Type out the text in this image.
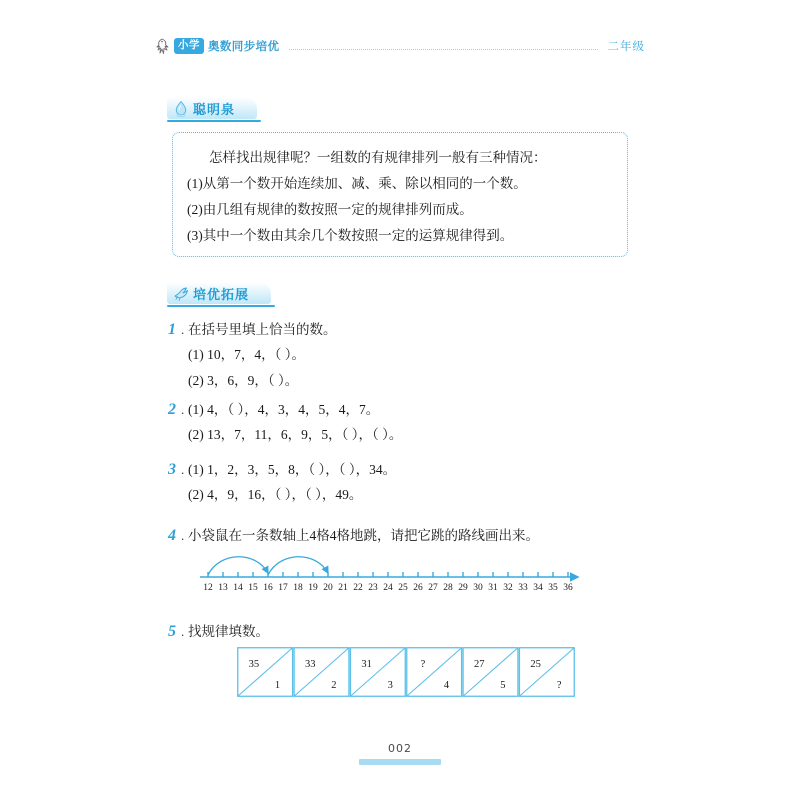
小学 奥数同步培优	二年级
聪明泉
怎样找出规律呢？一组数的有规律排列一般有三种情况：
(1)从第一个数开始连续加、减、乘、除以相同的一个数。
(2)由几组有规律的数按照一定的规律排列而成。
(3)其中一个数由其余几个数按照一定的运算规律得到。
培优拓展
1 . 在括号里填上恰当的数。
(1) 10，7，4，（ ）。
(2) 3，6，9，（ ）。
2 . (1) 4，（ ），4，3，4，5，4，7。
(2) 13，7，11，6，9，5，（ ），（ ）。
3 . (1) 1，2，3，5，8，（ ），（ ），34。
(2) 4，9，16，（ ），（ ），49。
4 . 小袋鼠在一条数轴上4格4格地跳，请把它跳的路线画出来。
12 13 14 15 16 17 18 19 20 21 22 23 24 25 26 27 28 29 30 31 32 33 34 35 36
5 . 找规律填数。
35
1
33
2
31
3
?
4
27
5
25
?
002
